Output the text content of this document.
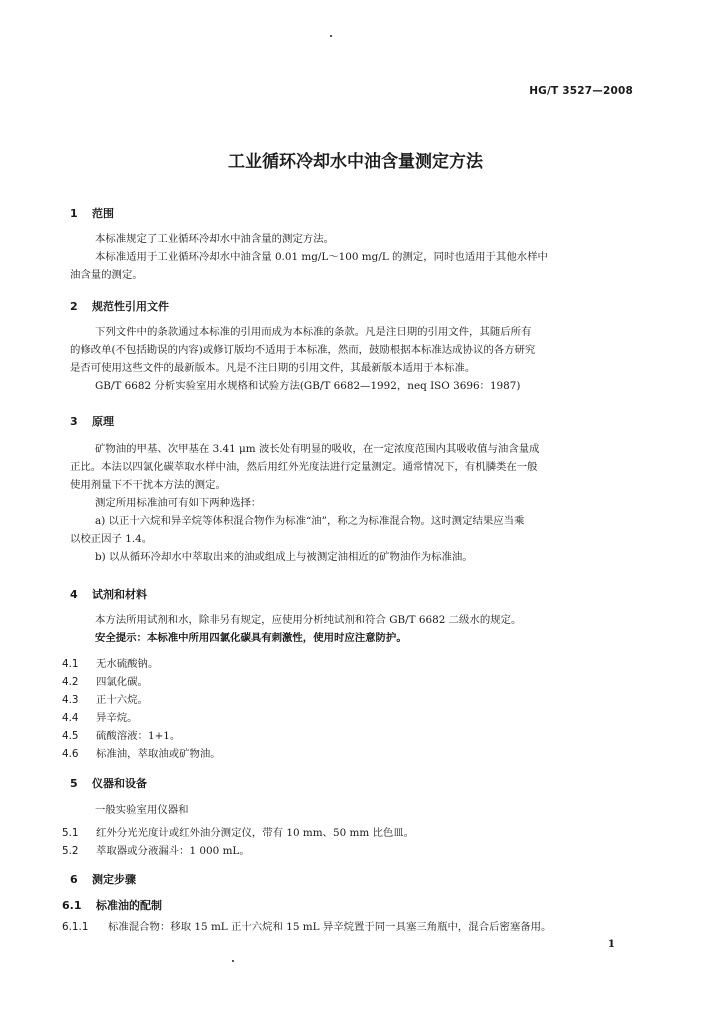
HG/T 3527—2008
工业循环冷却水中油含量测定方法
1 范围

本标准规定了工业循环冷却水中油含量的测定方法。

本标准适用于工业循环冷却水中油含量 0.01 mg/L～100 mg/L 的测定，同时也适用于其他水样中

油含量的测定。

2 规范性引用文件

下列文件中的条款通过本标准的引用而成为本标准的条款。凡是注日期的引用文件，其随后所有

的修改单(不包括勘误的内容)或修订版均不适用于本标准，然而，鼓励根据本标准达成协议的各方研究

是否可使用这些文件的最新版本。凡是不注日期的引用文件，其最新版本适用于本标准。

GB/T 6682 分析实验室用水规格和试验方法(GB/T 6682—1992，neq ISO 3696：1987)

3 原理

矿物油的甲基、次甲基在 3.41 μm 波长处有明显的吸收，在一定浓度范围内其吸收值与油含量成

正比。本法以四氯化碳萃取水样中油，然后用红外光度法进行定量测定。通常情况下，有机膦类在一般

使用剂量下不干扰本方法的测定。

测定所用标准油可有如下两种选择：

a) 以正十六烷和异辛烷等体积混合物作为标准“油”，称之为标准混合物。这时测定结果应当乘

以校正因子 1.4。

b) 以从循环冷却水中萃取出来的油或组成上与被测定油相近的矿物油作为标准油。

4 试剂和材料

本方法所用试剂和水，除非另有规定，应使用分析纯试剂和符合 GB/T 6682 二级水的规定。

安全提示：本标准中所用四氯化碳具有刺激性，使用时应注意防护。

4.1 无水硫酸钠。
4.2 四氯化碳。
4.3 正十六烷。
4.4 异辛烷。
4.5 硫酸溶液：1+1。
4.6 标准油，萃取油或矿物油。
5 仪器和设备

一般实验室用仪器和

5.1 红外分光光度计或红外油分测定仪，带有 10 mm、50 mm 比色皿。
5.2 萃取器或分液漏斗：1 000 mL。
6 测定步骤
6.1 标准油的配制
6.1.1 标准混合物：移取 15 mL 正十六烷和 15 mL 异辛烷置于同一具塞三角瓶中，混合后密塞备用。
1
